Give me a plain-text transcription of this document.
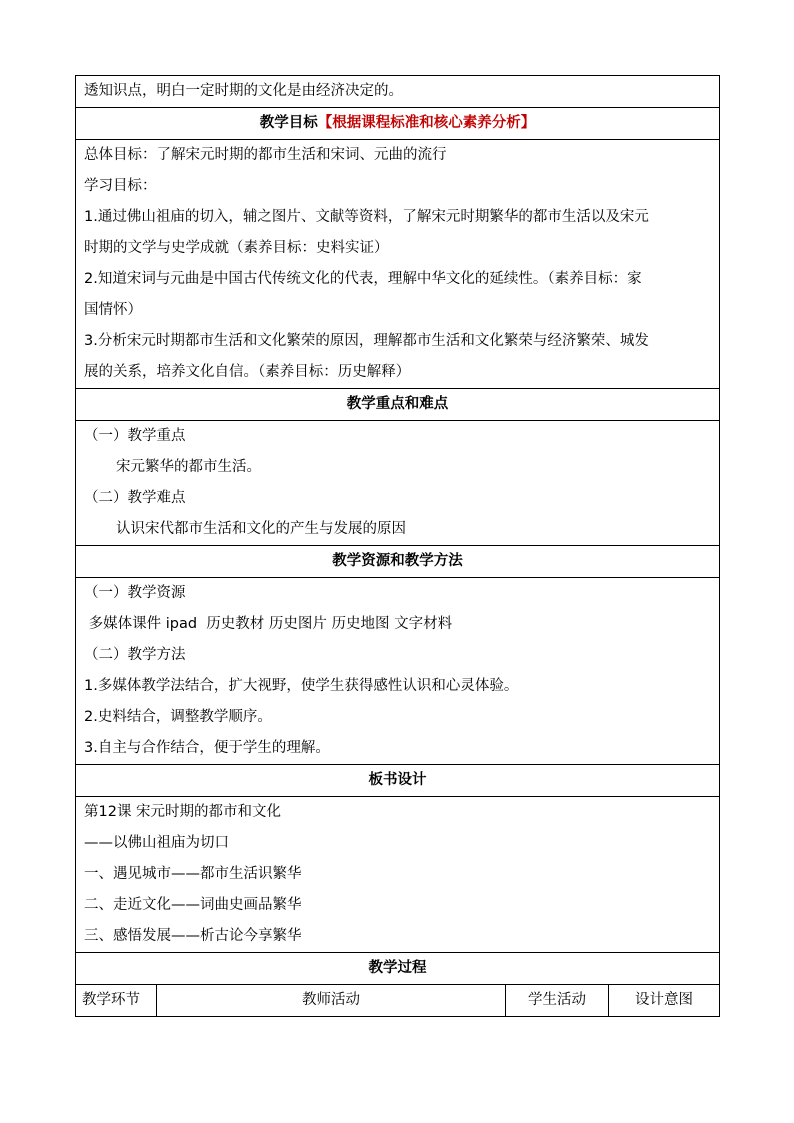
透知识点，明白一定时期的文化是由经济决定的。

教学目标【根据课程标准和核心素养分析】

总体目标：了解宋元时期的都市生活和宋词、元曲的流行
学习目标：
1.通过佛山祖庙的切入，辅之图片、文献等资料，了解宋元时期繁华的都市生活以及宋元
时期的文学与史学成就（素养目标：史料实证）
2.知道宋词与元曲是中国古代传统文化的代表，理解中华文化的延续性。（素养目标：家
国情怀）
3.分析宋元时期都市生活和文化繁荣的原因，理解都市生活和文化繁荣与经济繁荣、城发
展的关系，培养文化自信。（素养目标：历史解释）

教学重点和难点

（一）教学重点
宋元繁华的都市生活。
（二）教学难点
认识宋代都市生活和文化的产生与发展的原因

教学资源和教学方法

（一）教学资源
多媒体课件 ipad  历史教材 历史图片 历史地图 文字材料
（二）教学方法
1.多媒体教学法结合，扩大视野，使学生获得感性认识和心灵体验。
2.史料结合，调整教学顺序。
3.自主与合作结合，便于学生的理解。

板书设计

第12课 宋元时期的都市和文化
——以佛山祖庙为切口
一、遇见城市——都市生活识繁华
二、走近文化——词曲史画品繁华
三、感悟发展——析古论今享繁华

教学过程

教学环节	教师活动	学生活动	设计意图
